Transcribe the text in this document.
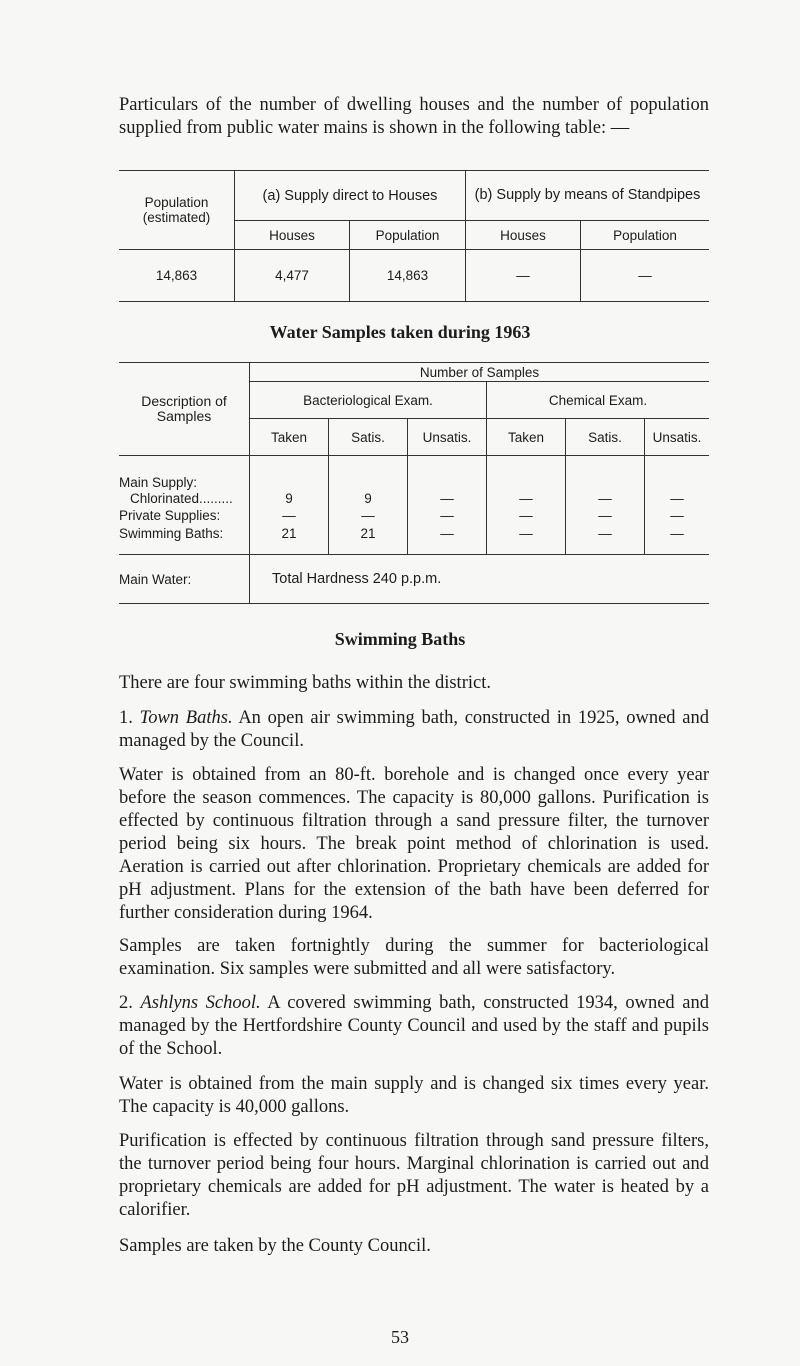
Particulars of the number of dwelling houses and the number of population supplied from public water mains is shown in the following table: —

Population (estimated)	(a) Supply direct to Houses		(b) Supply by means of Standpipes	
	Houses	Population	Houses	Population
14,863	4,477	14,863	—	—

Water Samples taken during 1963

Description of Samples	Number of Samples					
	Bacteriological Exam.			Chemical Exam.		
	Taken	Satis.	Unsatis.	Taken	Satis.	Unsatis.
Main Supply:						
Chlorinated.........	9	9	—	—	—	—
Private Supplies:	—	—	—	—	—	—
Swimming Baths:	21	21	—	—	—	—
Main Water:	Total Hardness 240 p.p.m.					

Swimming Baths

There are four swimming baths within the district.

1. Town Baths. An open air swimming bath, constructed in 1925, owned and managed by the Council.

Water is obtained from an 80-ft. borehole and is changed once every year before the season commences. The capacity is 80,000 gallons. Purification is effected by continuous filtration through a sand pressure filter, the turnover period being six hours. The break point method of chlorination is used. Aeration is carried out after chlorination. Proprietary chemicals are added for pH adjustment. Plans for the extension of the bath have been deferred for further consideration during 1964.

Samples are taken fortnightly during the summer for bacteriological examination. Six samples were submitted and all were satisfactory.

2. Ashlyns School. A covered swimming bath, constructed 1934, owned and managed by the Hertfordshire County Council and used by the staff and pupils of the School.

Water is obtained from the main supply and is changed six times every year. The capacity is 40,000 gallons.

Purification is effected by continuous filtration through sand pressure filters, the turnover period being four hours. Marginal chlorination is carried out and proprietary chemicals are added for pH adjustment. The water is heated by a calorifier.

Samples are taken by the County Council.

53
